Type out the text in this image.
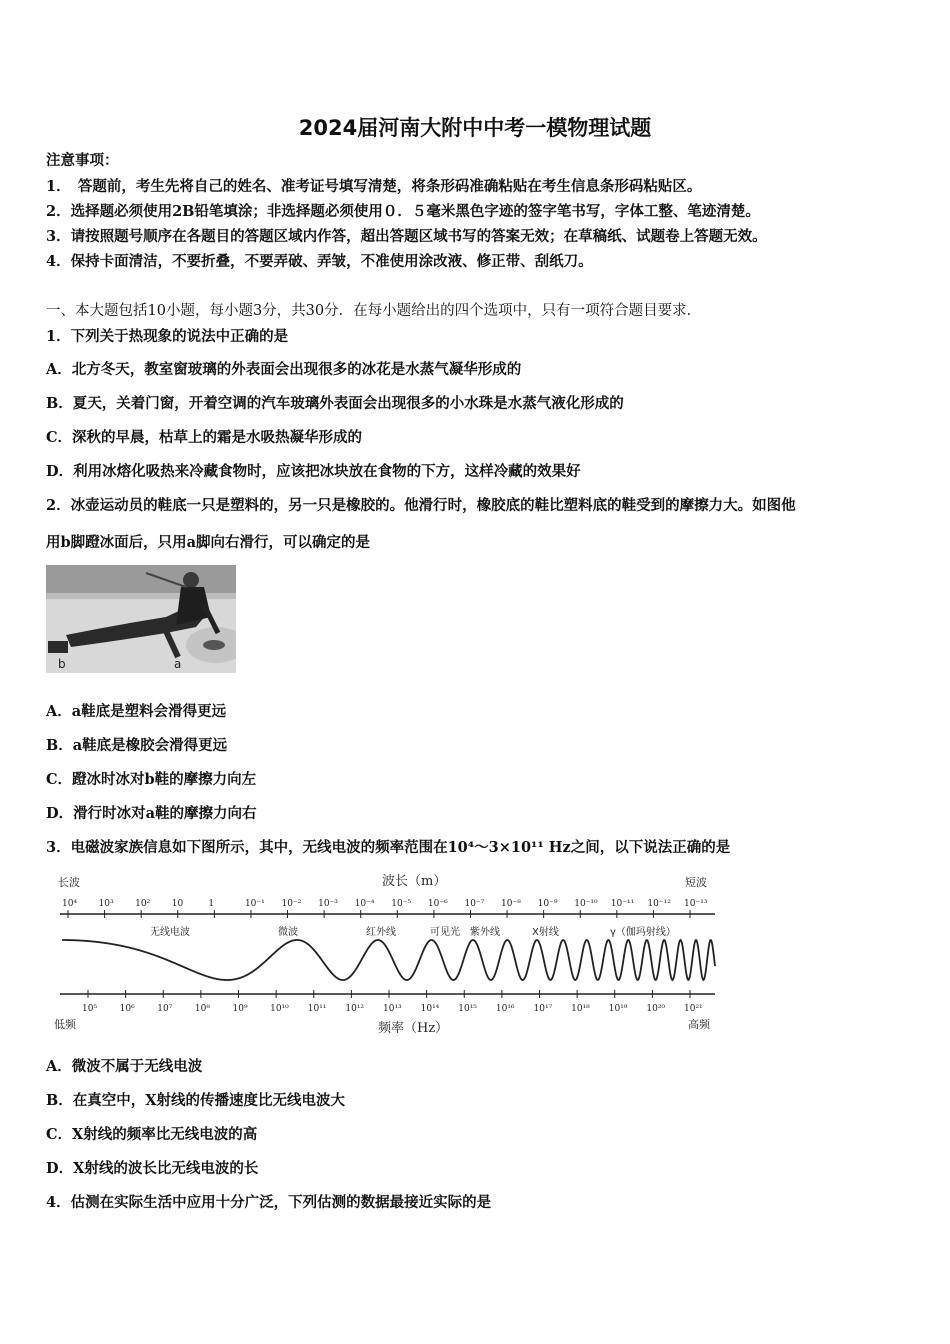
2024届河南大附中中考一模物理试题
注意事项：
1．　答题前，考生先将自己的姓名、准考证号填写清楚，将条形码准确粘贴在考生信息条形码粘贴区。
2．选择题必须使用2B铅笔填涂；非选择题必须使用０．５毫米黑色字迹的签字笔书写，字体工整、笔迹清楚。
3．请按照题号顺序在各题目的答题区域内作答，超出答题区域书写的答案无效；在草稿纸、试题卷上答题无效。
4．保持卡面清洁，不要折叠，不要弄破、弄皱，不准使用涂改液、修正带、刮纸刀。
一、本大题包括10小题，每小题3分，共30分．在每小题给出的四个选项中，只有一项符合题目要求．
1．下列关于热现象的说法中正确的是
A．北方冬天，教室窗玻璃的外表面会出现很多的冰花是水蒸气凝华形成的
B．夏天，关着门窗，开着空调的汽车玻璃外表面会出现很多的小水珠是水蒸气液化形成的
C．深秋的早晨，枯草上的霜是水吸热凝华形成的
D．利用冰熔化吸热来冷藏食物时，应该把冰块放在食物的下方，这样冷藏的效果好
2．冰壶运动员的鞋底一只是塑料的，另一只是橡胶的。他滑行时，橡胶底的鞋比塑料底的鞋受到的摩擦力大。如图他
用b脚蹬冰面后，只用a脚向右滑行，可以确定的是
b	a
A．a鞋底是塑料会滑得更远
B．a鞋底是橡胶会滑得更远
C．蹬冰时冰对b鞋的摩擦力向左
D．滑行时冰对a鞋的摩擦力向右
3．电磁波家族信息如下图所示，其中，无线电波的频率范围在10⁴～3×10¹¹ Hz之间，以下说法正确的是
长波	短波
波长（m）
10⁴ 10³ 10² 10	1	10⁻¹ 10⁻² 10⁻³ 10⁻⁴ 10⁻⁵ 10⁻⁶ 10⁻⁷ 10⁻⁸ 10⁻⁹ 10⁻¹⁰ 10⁻¹¹ 10⁻¹² 10⁻¹³
无线电波	微波	红外线	可见光 紫外线	X射线	γ（伽玛射线）
10⁵	10⁶	10⁷	10⁸	10⁹	10¹⁰ 10¹¹ 10¹² 10¹³ 10¹⁴ 10¹⁵ 10¹⁶ 10¹⁷ 10¹⁸ 10¹⁹ 10²⁰ 10²¹
低频	高频
频率（Hz）
A．微波不属于无线电波
B．在真空中，X射线的传播速度比无线电波大
C．X射线的频率比无线电波的高
D．X射线的波长比无线电波的长
4．估测在实际生活中应用十分广泛，下列估测的数据最接近实际的是
